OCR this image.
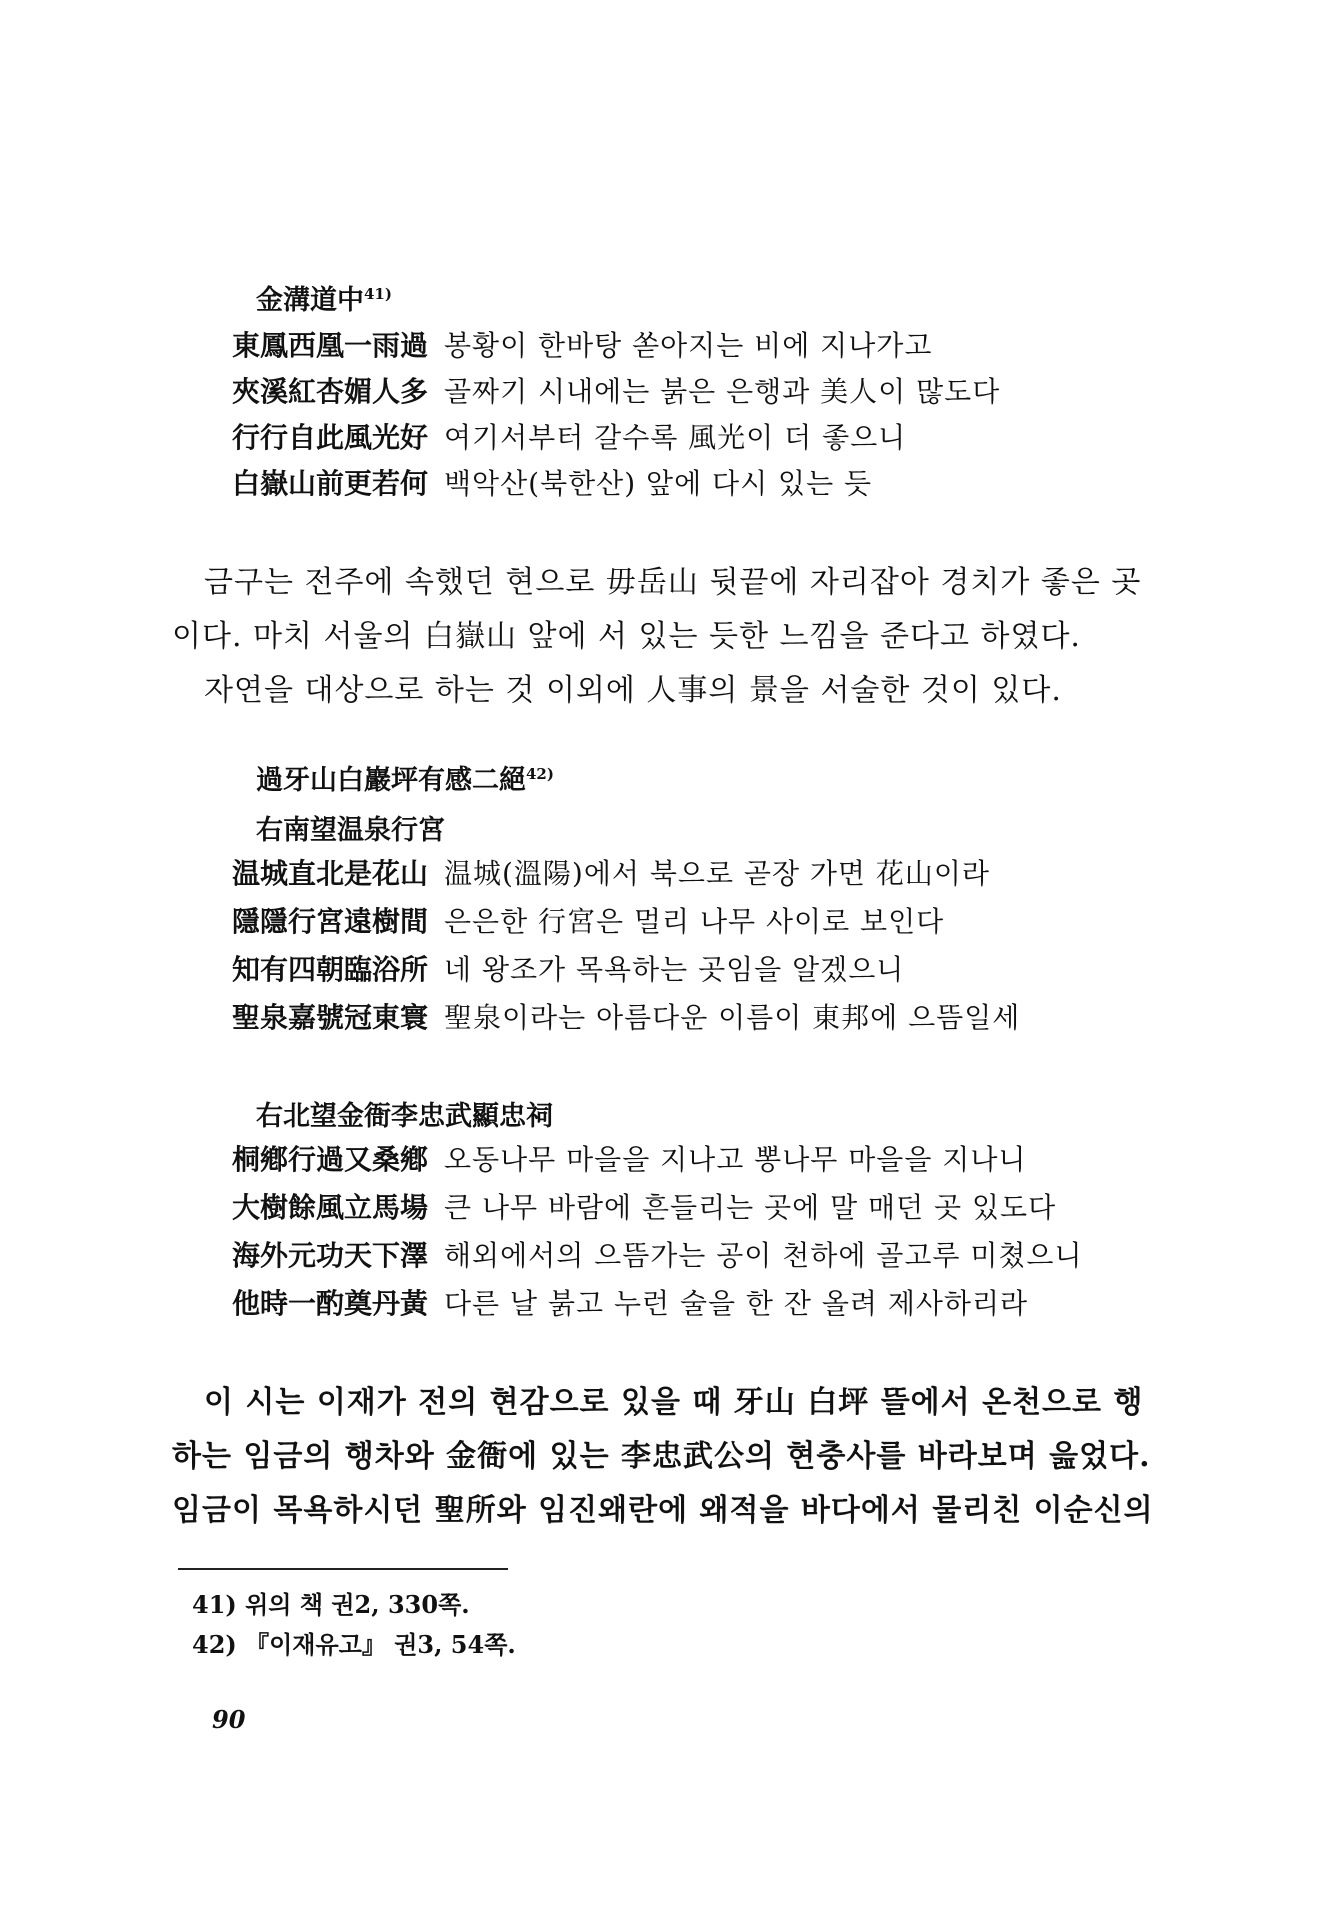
金溝道中$^{41)}$
東鳳西凰一雨過 봉황이 한바탕 쏟아지는 비에 지나가고
夾溪紅杏媚人多 골짜기 시내에는 붉은 은행과 美人이 많도다
行行自此風光好 여기서부터 갈수록 風光이 더 좋으니
白嶽山前更若何 백악산(북한산) 앞에 다시 있는 듯
금구는 전주에 속했던 현으로 毋岳山 뒷끝에 자리잡아 경치가 좋은 곳
이다. 마치 서울의 白嶽山 앞에 서 있는 듯한 느낌을 준다고 하였다.
자연을 대상으로 하는 것 이외에 人事의 景을 서술한 것이 있다.
過牙山白巖坪有感二絕$^{42)}$
右南望温泉行宮
温城直北是花山 温城(溫陽)에서 북으로 곧장 가면 花山이라
隱隱行宮遠樹間 은은한 行宮은 멀리 나무 사이로 보인다
知有四朝臨浴所 네 왕조가 목욕하는 곳임을 알겠으니
聖泉嘉號冠東寰 聖泉이라는 아름다운 이름이 東邦에 으뜸일세
右北望金衙李忠武顯忠祠
桐鄕行過又桑鄕 오동나무 마을을 지나고 뽕나무 마을을 지나니
大樹餘風立馬場 큰 나무 바람에 흔들리는 곳에 말 매던 곳 있도다
海外元功天下澤 해외에서의 으뜸가는 공이 천하에 골고루 미쳤으니
他時一酌奠丹黃 다른 날 붉고 누런 술을 한 잔 올려 제사하리라
이 시는 이재가 전의 현감으로 있을 때 牙山 白坪 뜰에서 온천으로 행
하는 임금의 행차와 金衙에 있는 李忠武公의 현충사를 바라보며 읊었다.
임금이 목욕하시던 聖所와 임진왜란에 왜적을 바다에서 물리친 이순신의
41) 위의 책 권2, 330쪽.
42) 『이재유고』 권3, 54쪽.
90
